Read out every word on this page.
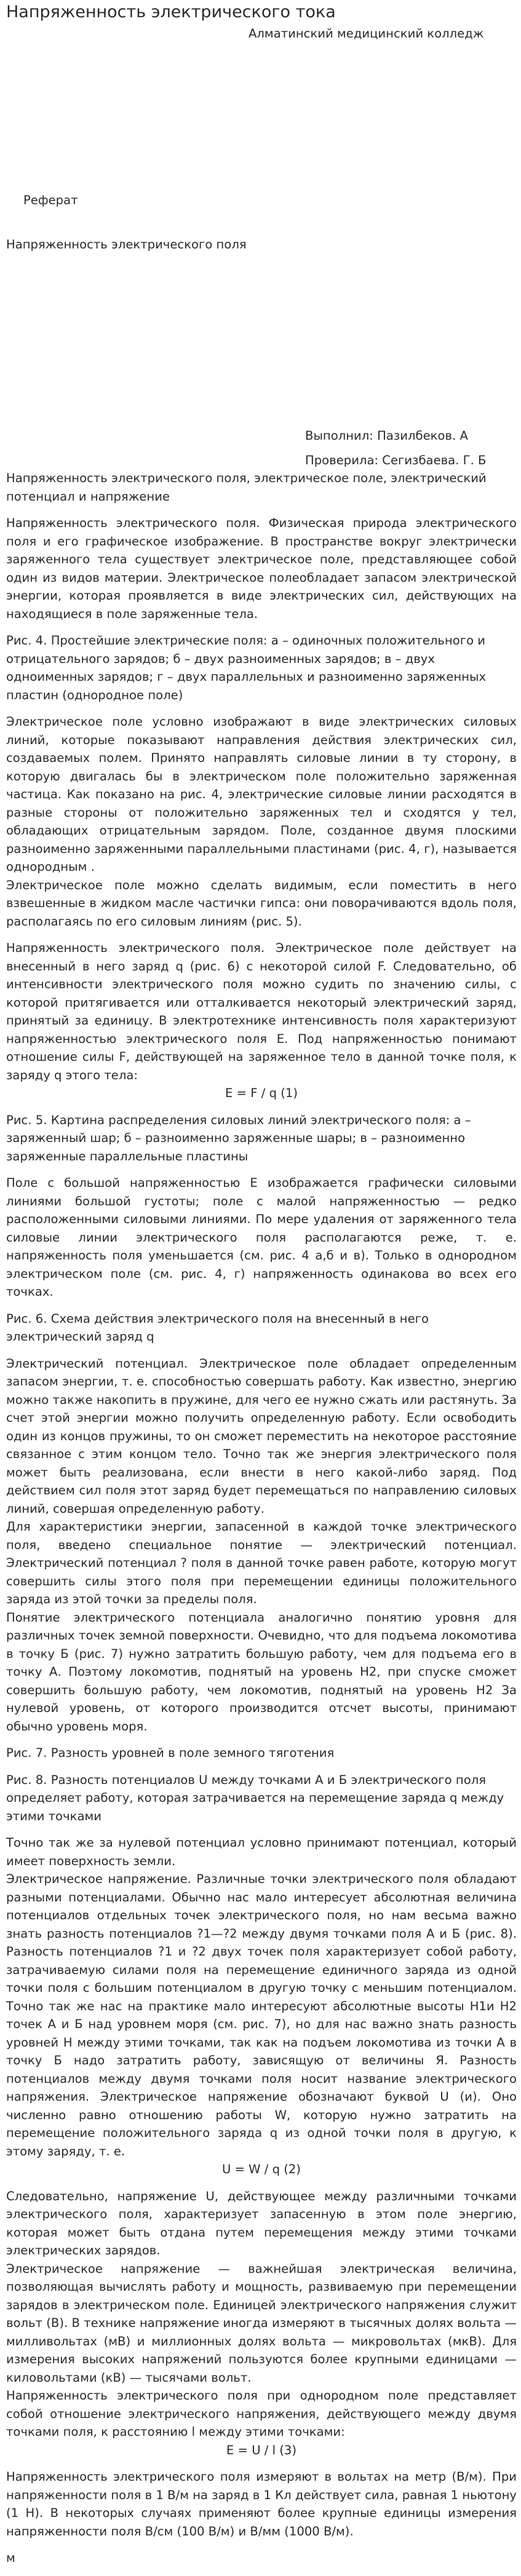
Напряженность электрического тока
Алматинский медицинский колледж
Реферат
Напряженность электрического поля
Выполнил: Пазилбеков. А
Проверила: Сегизбаева. Г. Б

Напряженность электрического поля, электрическое поле, электрический потенциал и напряжение

Напряженность электрического поля. Физическая природа электрического поля и его графическое изображение. В пространстве вокруг электрически заряженного тела существует электрическое поле, представляющее собой один из видов материи. Электрическое полеобладает запасом электрической энергии, которая проявляется в виде электрических сил, действующих на находящиеся в поле заряженные тела.

Рис. 4. Простейшие электрические поля: а – одиночных положительного и отрицательного зарядов; б – двух разноименных зарядов; в – двух одноименных зарядов; г – двух параллельных и разноименно заряженных пластин (однородное поле)

Электрическое поле условно изображают в виде электрических силовых линий, которые показывают направления действия электрических сил, создаваемых полем. Принято направлять силовые линии в ту сторону, в которую двигалась бы в электрическом поле положительно заряженная частица. Как показано на рис. 4, электрические силовые линии расходятся в разные стороны от положительно заряженных тел и сходятся у тел, обладающих отрицательным зарядом. Поле, созданное двумя плоскими разноименно заряженными параллельными пластинами (рис. 4, г), называется однородным .

Электрическое поле можно сделать видимым, если поместить в него взвешенные в жидком масле частички гипса: они поворачиваются вдоль поля, располагаясь по его силовым линиям (рис. 5).

Напряженность электрического поля. Электрическое поле действует на внесенный в него заряд q (рис. 6) с некоторой силой F. Следовательно, об интенсивности электрического поля можно судить по значению силы, с которой притягивается или отталкивается некоторый электрический заряд, принятый за единицу. В электротехнике интенсивность поля характеризуют напряженностью электрического поля Е. Под напряженностью понимают отношение силы F, действующей на заряженное тело в данной точке поля, к заряду q этого тела:

E = F / q (1)

Рис. 5. Картина распределения силовых линий электрического поля: а – заряженный шар; б – разноименно заряженные шары; в – разноименно заряженные параллельные пластины

Поле с большой напряженностью Е изображается графически силовыми линиями большой густоты; поле с малой напряженностью — редко расположенными силовыми линиями. По мере удаления от заряженного тела силовые линии электрического поля располагаются реже, т. е. напряженность поля уменьшается (см. рис. 4 а,б и в). Только в однородном электрическом поле (см. рис. 4, г) напряженность одинакова во всех его точках.

Рис. 6. Схема действия электрического поля на внесенный в него электрический заряд q

Электрический потенциал. Электрическое поле обладает определенным запасом энергии, т. е. способностью совершать работу. Как известно, энергию можно также накопить в пружине, для чего ее нужно сжать или растянуть. За счет этой энергии можно получить определенную работу. Если освободить один из концов пружины, то он сможет переместить на некоторое расстояние связанное с этим концом тело. Точно так же энергия электрического поля может быть реализована, если внести в него какой-либо заряд. Под действием сил поля этот заряд будет перемещаться по направлению силовых линий, совершая определенную работу.

Для характеристики энергии, запасенной в каждой точке электрического поля, введено специальное понятие — электрический потенциал. Электрический потенциал ? поля в данной точке равен работе, которую могут совершить силы этого поля при перемещении единицы положительного заряда из этой точки за пределы поля.

Понятие электрического потенциала аналогично понятию уровня для различных точек земной поверхности. Очевидно, что для подъема локомотива в точку Б (рис. 7) нужно затратить большую работу, чем для подъема его в точку А. Поэтому локомотив, поднятый на уровень Н2, при спуске сможет совершить большую работу, чем локомотив, поднятый на уровень Н2 За нулевой уровень, от которого производится отсчет высоты, принимают обычно уровень моря.

Рис. 7. Разность уровней в поле земного тяготения

Рис. 8. Разность потенциалов U между точками А и Б электрического поля определяет работу, которая затрачивается на перемещение заряда q между этими точками

Точно так же за нулевой потенциал условно принимают потенциал, который имеет поверхность земли.

Электрическое напряжение. Различные точки электрического поля обладают разными потенциалами. Обычно нас мало интересует абсолютная величина потенциалов отдельных точек электрического поля, но нам весьма важно знать разность потенциалов ?1—?2 между двумя точками поля А и Б (рис. 8). Разность потенциалов ?1 и ?2 двух точек поля характеризует собой работу, затрачиваемую силами поля на перемещение единичного заряда из одной точки поля с большим потенциалом в другую точку с меньшим потенциалом. Точно так же нас на практике мало интересуют абсолютные высоты Н1и Н2 точек А и Б над уровнем моря (см. рис. 7), но для нас важно знать разность уровней Н между этими точками, так как на подъем локомотива из точки А в точку Б надо затратить работу, зависящую от величины Я. Разность потенциалов между двумя точками поля носит название электрического напряжения. Электрическое напряжение обозначают буквой U (и). Оно численно равно отношению работы W, которую нужно затратить на перемещение положительного заряда q из одной точки поля в другую, к этому заряду, т. е.

U = W / q (2)

Следовательно, напряжение U, действующее между различными точками электрического поля, характеризует запасенную в этом поле энергию, которая может быть отдана путем перемещения между этими точками электрических зарядов.

Электрическое напряжение — важнейшая электрическая величина, позволяющая вычислять работу и мощность, развиваемую при перемещении зарядов в электрическом поле. Единицей электрического напряжения служит вольт (В). В технике напряжение иногда измеряют в тысячных долях вольта — милливольтах (мВ) и миллионных долях вольта — микровольтах (мкВ). Для измерения высоких напряжений пользуются более крупными единицами — киловольтами (кВ) — тысячами вольт.

Напряженность электрического поля при однородном поле представляет собой отношение электрического напряжения, действующего между двумя точками поля, к расстоянию l между этими точками:

E = U / l (3)

Напряженность электрического поля измеряют в вольтах на метр (В/м). При напряженности поля в 1 В/м на заряд в 1 Кл действует сила, равная 1 ньютону (1 Н). В некоторых случаях применяют более крупные единицы измерения напряженности поля В/см (100 В/м) и В/мм (1000 В/м).

м
